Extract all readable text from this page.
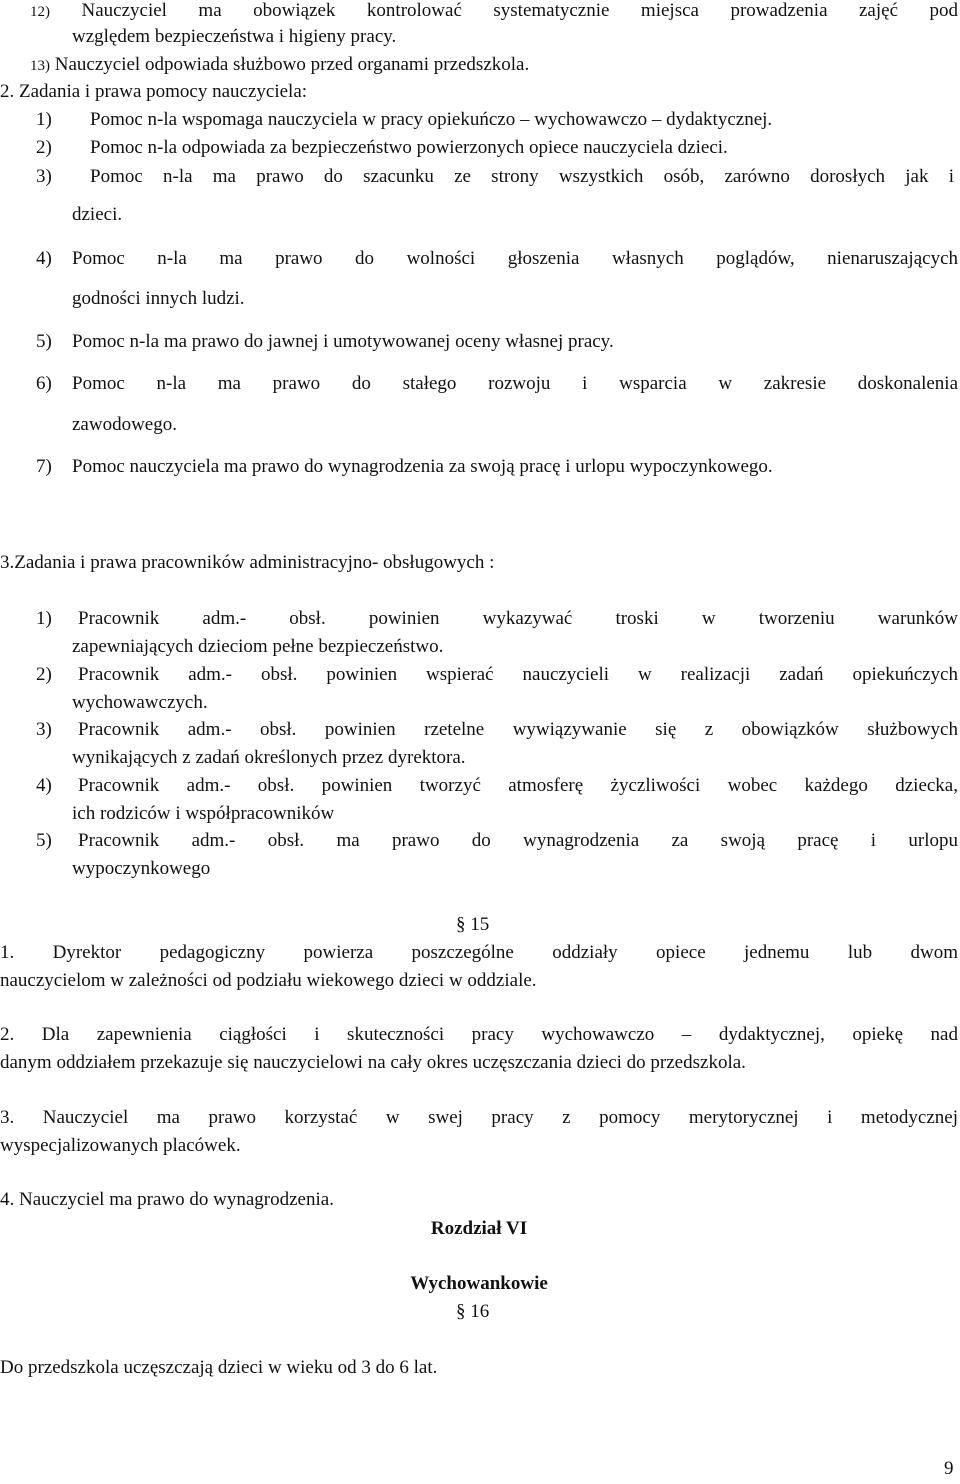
12) Nauczyciel ma obowiązek kontrolować systematycznie miejsca prowadzenia zajęć pod
względem bezpieczeństwa i higieny pracy.
13) Nauczyciel odpowiada służbowo przed organami przedszkola.
2. Zadania i prawa pomocy nauczyciela:
1) Pomoc n-la wspomaga nauczyciela w pracy opiekuńczo – wychowawczo – dydaktycznej.
2) Pomoc n-la odpowiada za bezpieczeństwo powierzonych opiece nauczyciela dzieci.
3) Pomoc n-la ma prawo do szacunku ze strony wszystkich osób, zarówno dorosłych jak i
dzieci.
4) Pomoc n-la ma prawo do wolności głoszenia własnych poglądów, nienaruszających
godności innych ludzi.
5) Pomoc n-la ma prawo do jawnej i umotywowanej oceny własnej pracy.
6) Pomoc n-la ma prawo do stałego rozwoju i wsparcia w zakresie doskonalenia
zawodowego.
7) Pomoc nauczyciela ma prawo do wynagrodzenia za swoją pracę i urlopu wypoczynkowego.
3.Zadania i prawa pracowników administracyjno- obsługowych :
1) Pracownik adm.- obsł. powinien wykazywać troski w tworzeniu warunków
zapewniających dzieciom pełne bezpieczeństwo.
2) Pracownik adm.- obsł. powinien wspierać nauczycieli w realizacji zadań opiekuńczych
wychowawczych.
3) Pracownik adm.- obsł. powinien rzetelne wywiązywanie się z obowiązków służbowych
wynikających z zadań określonych przez dyrektora.
4) Pracownik adm.- obsł. powinien tworzyć atmosferę życzliwości wobec każdego dziecka,
ich rodziców i współpracowników
5) Pracownik adm.- obsł. ma prawo do wynagrodzenia za swoją pracę i urlopu
wypoczynkowego
§ 15
1. Dyrektor pedagogiczny powierza poszczególne oddziały opiece jednemu lub dwom
nauczycielom w zależności od podziału wiekowego dzieci w oddziale.
2. Dla zapewnienia ciągłości i skuteczności pracy wychowawczo – dydaktycznej, opiekę nad
danym oddziałem przekazuje się nauczycielowi na cały okres uczęszczania dzieci do przedszkola.
3. Nauczyciel ma prawo korzystać w swej pracy z pomocy merytorycznej i metodycznej
wyspecjalizowanych placówek.
4. Nauczyciel ma prawo do wynagrodzenia.
Rozdział VI
Wychowankowie
§ 16
Do przedszkola uczęszczają dzieci w wieku od 3 do 6 lat.
9
